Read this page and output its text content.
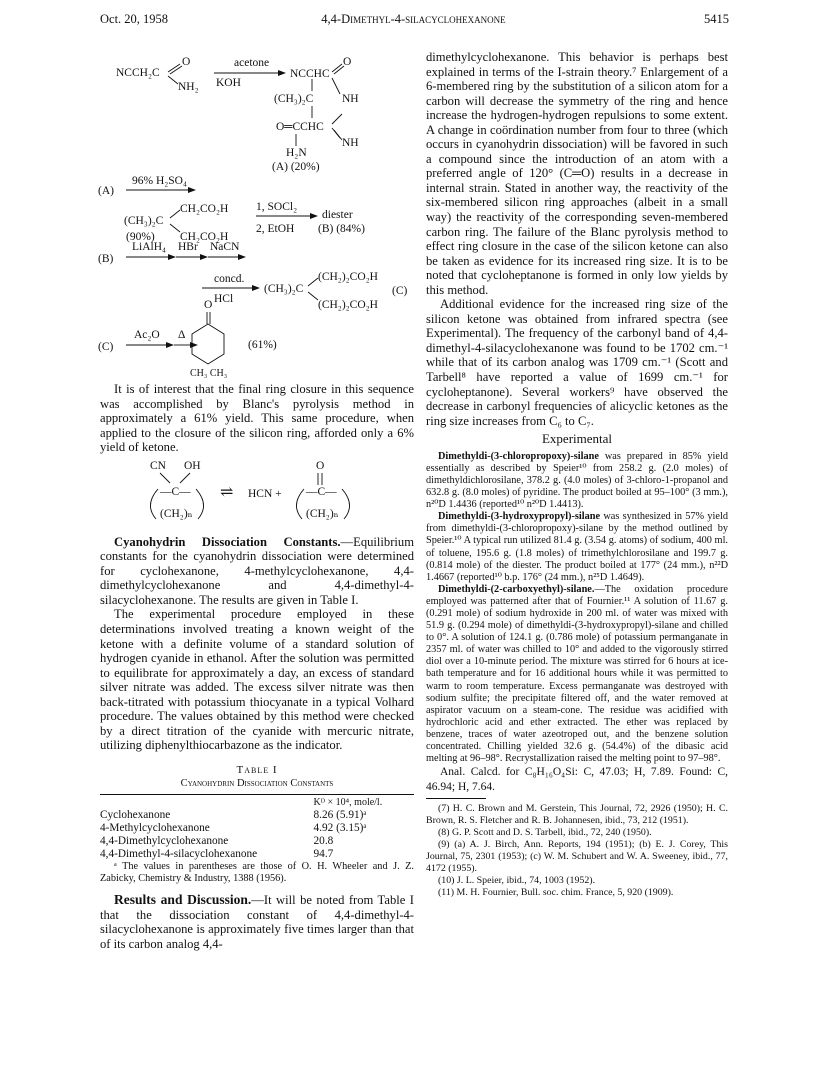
Oct. 20, 1958	4,4-Dimethyl-4-silacyclohexanone	5415
NCCH₂C
O
NH₂
acetone
KOH
NCCHC
O
(CH₃)₂C NH
O═CCHC
NH
H₂N
(A) (20%)
(A)
96% H₂SO₄
(CH₃)₂C
CH₂CO₂H
CH₂CO₂H
(90%)
1, SOCl₂
2, EtOH
diester
(B) (84%)
(B)
LiAlH₄ HBr NaCN
concd.
HCl
(CH₃)₂C
(CH₂)₂CO₂H
(CH₂)₂CO₂H
(C)
(C)
Ac₂O Δ
O
(61%)
CH₃ CH₃

It is of interest that the final ring closure in this sequence was accomplished by Blanc's pyrolysis method in approximately a 61% yield. This same procedure, when applied to the closure of the silicon ring, afforded only a 6% yield of ketone.

CN OH
—C—
(CH₂)ₙ
⇌ HCN +
O
—C—
(CH₂)ₙ

Cyanohydrin Dissociation Constants.—Equilibrium constants for the cyanohydrin dissociation were determined for cyclohexanone, 4-methylcyclohexanone, 4,4-dimethylcyclohexanone and 4,4-dimethyl-4-silacyclohexanone. The results are given in Table I.

The experimental procedure employed in these determinations involved treating a known weight of the ketone with a definite volume of a standard solution of hydrogen cyanide in ethanol. After the solution was permitted to equilibrate for approximately a day, an excess of standard silver nitrate was added. The excess silver nitrate was then back-titrated with potassium thiocyanate in a typical Volhard procedure. The values obtained by this method were checked by a direct titration of the cyanide with mercuric nitrate, utilizing diphenylthiocarbazone as the indicator.

Table I
Cyanohydrin Dissociation Constants

	Kᴰ × 10⁴, mole/l.
Cyclohexanone	8.26 (5.91)ᵃ
4-Methylcyclohexanone	4.92 (3.15)ᵃ
4,4-Dimethylcyclohexanone	20.8
4,4-Dimethyl-4-silacyclohexanone	94.7

ᵃ The values in parentheses are those of O. H. Wheeler and J. Z. Zabicky, Chemistry & Industry, 1388 (1956).

Results and Discussion.—It will be noted from Table I that the dissociation constant of 4,4-dimethyl-4-silacyclohexanone is approximately five times larger than that of its carbon analog 4,4-

dimethylcyclohexanone. This behavior is perhaps best explained in terms of the I-strain theory.⁷ Enlargement of a 6-membered ring by the substitution of a silicon atom for a carbon will decrease the symmetry of the ring and hence increase the hydrogen-hydrogen repulsions to some extent. A change in coördination number from four to three (which occurs in cyanohydrin dissociation) will be favored in such a compound since the introduction of an atom with a preferred angle of 120° (C═O) results in a decrease in internal strain. Stated in another way, the reactivity of the six-membered silicon ring approaches (albeit in a small way) the reactivity of the corresponding seven-membered carbon ring. The failure of the Blanc pyrolysis method to effect ring closure in the case of the silicon ketone can also be taken as evidence for its increased ring size. It is to be noted that cycloheptanone is formed in only low yields by this method.

Additional evidence for the increased ring size of the silicon ketone was obtained from infrared spectra (see Experimental). The frequency of the carbonyl band of 4,4-dimethyl-4-silacyclohexanone was found to be 1702 cm.⁻¹ while that of its carbon analog was 1709 cm.⁻¹ (Scott and Tarbell⁸ have reported a value of 1699 cm.⁻¹ for cycloheptanone). Several workers⁹ have observed the decrease in carbonyl frequencies of alicyclic ketones as the ring size increases from C₆ to C₇.

Experimental

Dimethyldi-(3-chloropropoxy)-silane was prepared in 85% yield essentially as described by Speier¹⁰ from 258.2 g. (2.0 moles) of dimethyldichlorosilane, 378.2 g. (4.0 moles) of 3-chloro-1-propanol and 632.8 g. (8.0 moles) of pyridine. The product boiled at 95–100° (3 mm.), n²⁰D 1.4436 (reported¹⁰ n²⁰D 1.4413).

Dimethyldi-(3-hydroxypropyl)-silane was synthesized in 57% yield from dimethyldi-(3-chloropropoxy)-silane by the method outlined by Speier.¹⁰ A typical run utilized 81.4 g. (3.54 g. atoms) of sodium, 400 ml. of toluene, 195.6 g. (1.8 moles) of trimethylchlorosilane and 199.7 g. (0.814 mole) of the diester. The product boiled at 177° (24 mm.), n²²D 1.4667 (reported¹⁰ b.p. 176° (24 mm.), n²⁵D 1.4649).

Dimethyldi-(2-carboxyethyl)-silane.—The oxidation procedure employed was patterned after that of Fournier.¹¹ A solution of 11.67 g. (0.291 mole) of sodium hydroxide in 200 ml. of water was mixed with 51.9 g. (0.294 mole) of dimethyldi-(3-hydroxypropyl)-silane and chilled to 0°. A solution of 124.1 g. (0.786 mole) of potassium permanganate in 2357 ml. of water was chilled to 10° and added to the vigorously stirred diol over a 10-minute period. The mixture was stirred for 6 hours at ice-bath temperature and for 16 additional hours while it was permitted to warm to room temperature. Excess permanganate was destroyed with sodium sulfite; the precipitate filtered off, and the water removed at aspirator vacuum on a steam-cone. The residue was acidified with hydrochloric acid and ether extracted. The ether was replaced by benzene, traces of water azeotroped out, and the benzene solution concentrated. Chilling yielded 32.6 g. (54.4%) of the dibasic acid melting at 96–98°. Recrystallization raised the melting point to 97–98°.

Anal. Calcd. for C₈H₁₆O₄Si: C, 47.03; H, 7.89. Found: C, 46.94; H, 7.64.

(7) H. C. Brown and M. Gerstein, This Journal, 72, 2926 (1950); H. C. Brown, R. S. Fletcher and R. B. Johannesen, ibid., 73, 212 (1951).

(8) G. P. Scott and D. S. Tarbell, ibid., 72, 240 (1950).

(9) (a) A. J. Birch, Ann. Reports, 194 (1951); (b) E. J. Corey, This Journal, 75, 2301 (1953); (c) W. M. Schubert and W. A. Sweeney, ibid., 77, 4172 (1955).

(10) J. L. Speier, ibid., 74, 1003 (1952).

(11) M. H. Fournier, Bull. soc. chim. France, 5, 920 (1909).
